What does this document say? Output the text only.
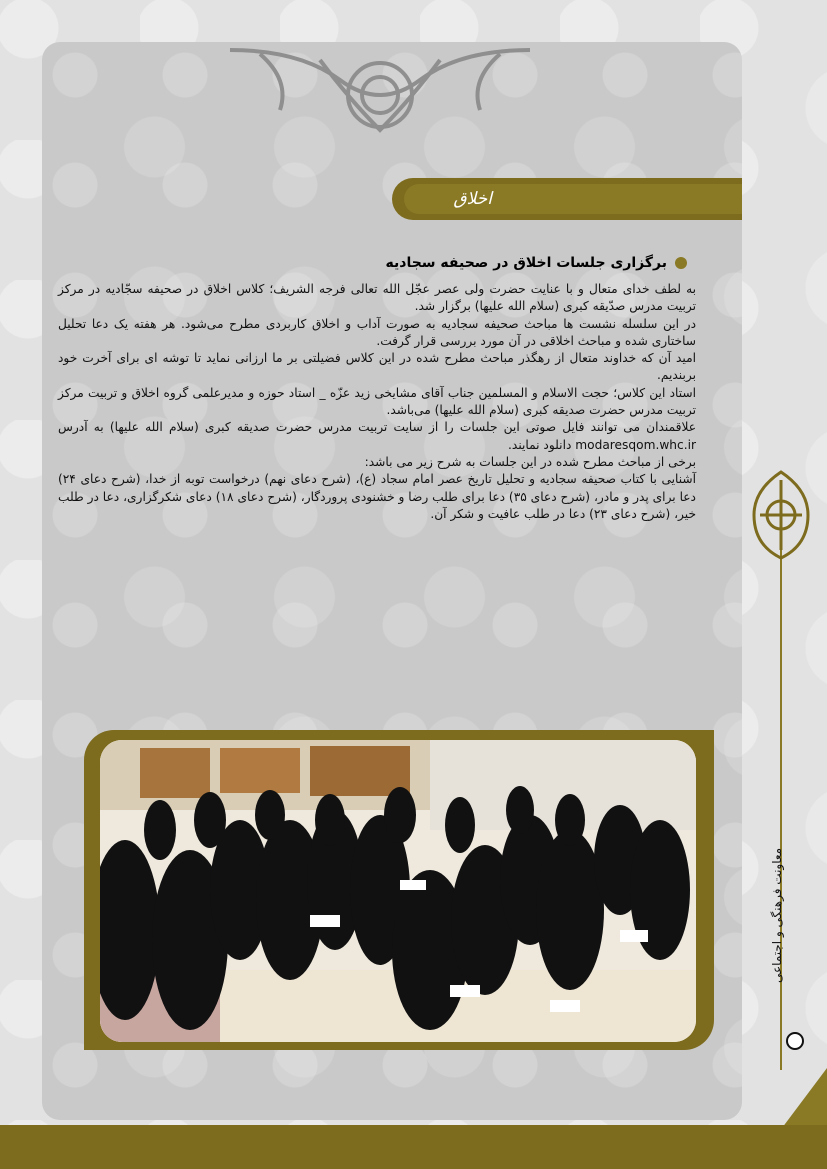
اخلاق
برگزاری جلسات اخلاق در صحیفه سجادیه

به لطف خدای متعال و با عنایت حضرت ولی عصر عجّل الله تعالی فرجه الشریف؛ کلاس اخلاق در صحیفه سجّادیه در مرکز تربیت مدرس صدّیقه کبری (سلام الله علیها) برگزار شد.

در این سلسله نشست ها مباحث صحیفه سجادیه به صورت آداب و اخلاق کاربردی مطرح می‌شود. هر هفته یک دعا تحلیل ساختاری شده و مباحث اخلاقی در آن مورد بررسی قرار گرفت.

امید آن که خداوند متعال از رهگذر مباحث مطرح شده در این کلاس فضیلتی بر ما ارزانی نماید تا توشه ای برای آخرت خود بربندیم.

استاد این کلاس؛ حجت الاسلام و المسلمین جناب آقای مشایخی زید عزّه _ استاد حوزه و مدیرعلمی گروه اخلاق و تربیت مرکز تربیت مدرس حضرت صدیقه کبری (سلام الله علیها) می‌باشد.

علاقمندان می توانند فایل صوتی این جلسات را از سایت تربیت مدرس حضرت صدیقه کبری (سلام الله علیها) به آدرس modaresqom.whc.ir دانلود نمایند.

برخی از مباحث مطرح شده در این جلسات به شرح زیر می باشد:

آشنایی با کتاب صحیفه سجادیه و تحلیل تاریخ عصر امام سجاد (ع)، (شرح دعای نهم) درخواست توبه از خدا، (شرح دعای ۲۴) دعا برای پدر و مادر، (شرح دعای ۳۵) دعا برای طلب رضا و خشنودی پروردگار، (شرح دعای ۱۸) دعای شکرگزاری، دعا در طلب خیر، (شرح دعای ۲۳) دعا در طلب عافیت و شکر آن.

معاونت فرهنگی و اجتماعی
